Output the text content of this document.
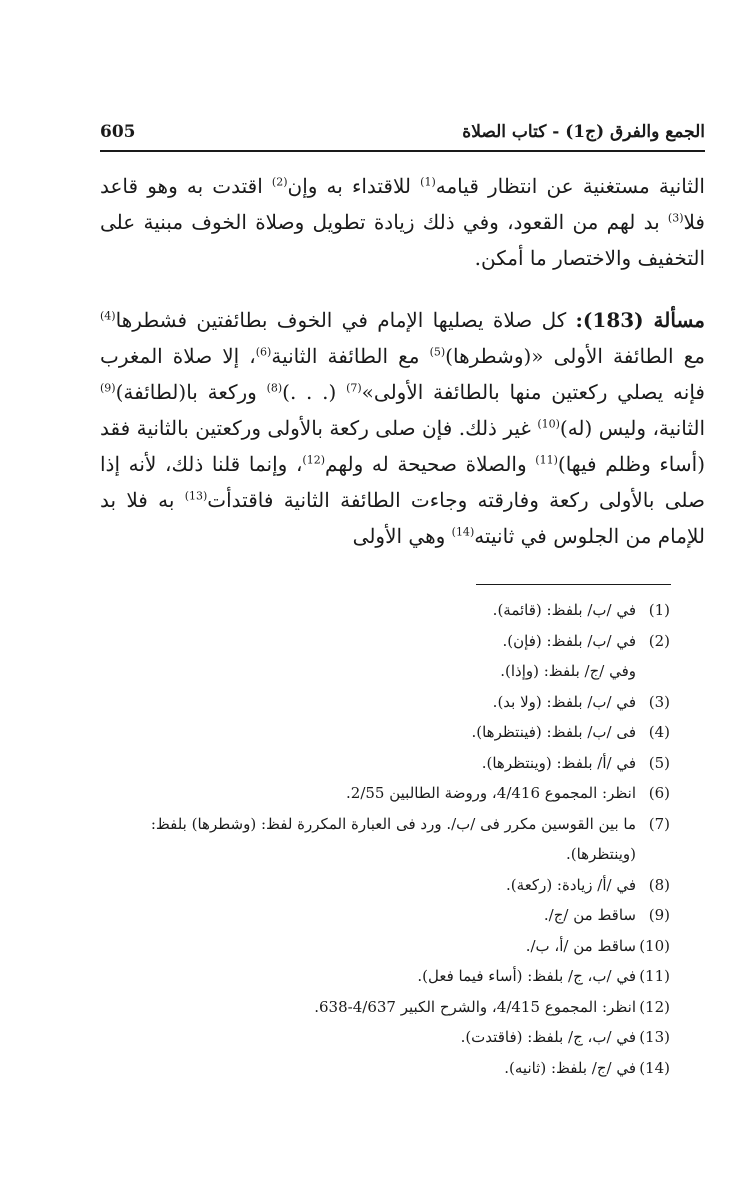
الجمع والفرق (ج1) - كتاب الصلاة
605
الثانية مستغنية عن انتظار قيامه$^{(1)}$ للاقتداء به وإن$^{(2)}$ اقتدت به وهو قاعد فلا$^{(3)}$ بد لهم من القعود، وفي ذلك زيادة تطويل وصلاة الخوف مبنية على التخفيف والاختصار ما أمكن.
مسألة (183): كل صلاة يصليها الإمام في الخوف بطائفتين فشطرها$^{(4)}$ مع الطائفة الأولى «(وشطرها)$^{(5)}$ مع الطائفة الثانية$^{(6)}$، إلا صلاة المغرب فإنه يصلي ركعتين منها بالطائفة الأولى»$^{(7)}$ (. . .)$^{(8)}$ وركعة با(لطائفة)$^{(9)}$ الثانية، وليس (له)$^{(10)}$ غير ذلك. فإن صلى ركعة بالأولى وركعتين بالثانية فقد (أساء وظلم فيها)$^{(11)}$ والصلاة صحيحة له ولهم$^{(12)}$، وإنما قلنا ذلك، لأنه إذا صلى بالأولى ركعة وفارقته وجاءت الطائفة الثانية فاقتدأت$^{(13)}$ به فلا بد للإمام من الجلوس في ثانيته$^{(14)}$ وهي الأولى
(1)
في /ب/ بلفظ: (قائمة).
(2)
في /ب/ بلفظ: (فإن).
وفي /ج/ بلفظ: (وإذا).
(3)
في /ب/ بلفظ: (ولا بد).
(4)
فى /ب/ بلفظ: (فينتظرها).
(5)
في /أ/ بلفظ: (وينتظرها).
(6)
انظر: المجموع 4/416، وروضة الطالبين 2/55.
(7)
ما بين القوسين مكرر فى /ب/. ورد فى العبارة المكررة لفظ: (وشطرها) بلفظ: (وينتظرها).
(8)
في /أ/ زيادة: (ركعة).
(9)
ساقط من /ج/.
(10)
ساقط من /أ، ب/.
(11)
في /ب، ج/ بلفظ: (أساء فيما فعل).
(12)
انظر: المجموع 4/415، والشرح الكبير 4/637-638.
(13)
في /ب، ج/ بلفظ: (فاقتدت).
(14)
في /ج/ بلفظ: (ثانيه).
